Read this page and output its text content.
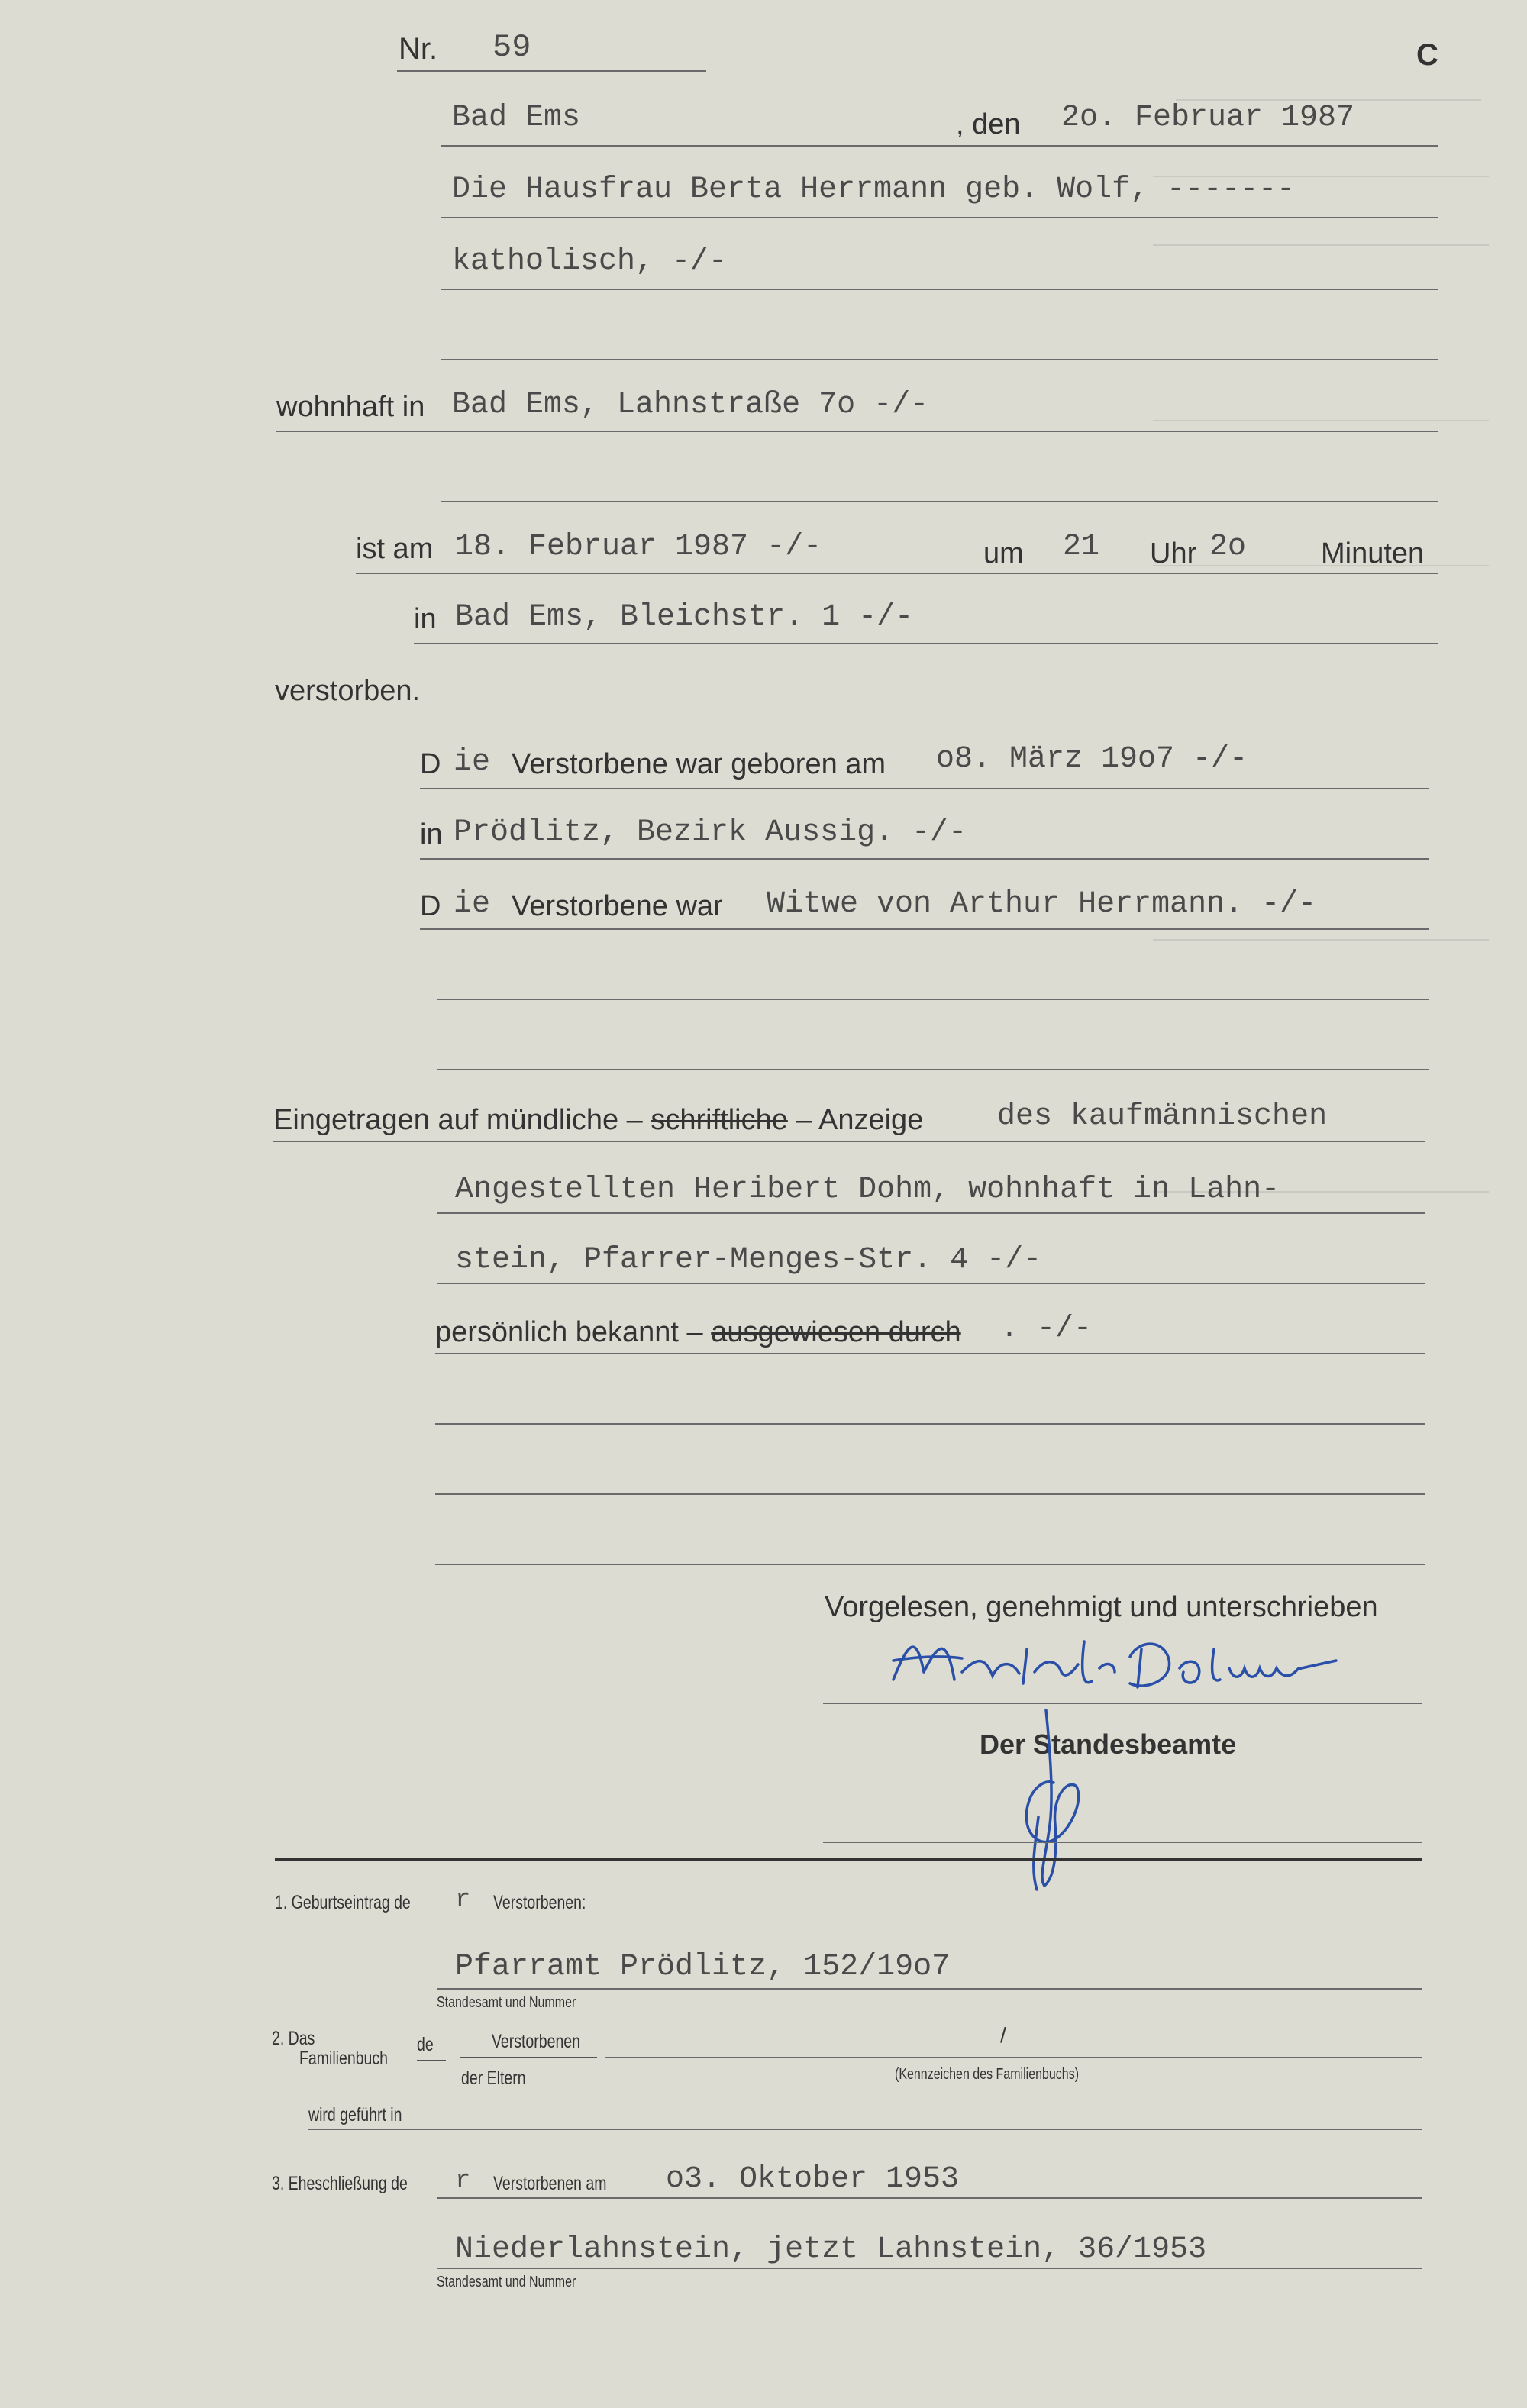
Nr. 59	C
Bad Ems	, den 2o. Februar 1987
Die Hausfrau Berta Herrmann geb. Wolf, -------
katholisch, -/-
wohnhaft in Bad Ems, Lahnstraße 7o -/-
ist am 18. Februar 1987 -/-	um 21 Uhr 2o	Minuten
in Bad Ems, Bleichstr. 1 -/-
verstorben.
D ie Verstorbene war geboren am o8. März 19o7 -/-
in Prödlitz, Bezirk Aussig. -/-
D ie Verstorbene war Witwe von Arthur Herrmann. -/-
Eingetragen auf mündliche – schriftliche – Anzeige des kaufmännischen
Angestellten Heribert Dohm, wohnhaft in Lahn-
stein, Pfarrer-Menges-Str. 4 -/-
persönlich bekannt – ausgewiesen durch . -/-
Vorgelesen, genehmigt und unterschrieben
Heribert Dohm
Der Standesbeamte
1. Geburtseintrag de r Verstorbenen:
Pfarramt Prödlitz, 152/19o7
Standesamt und Nummer
2. Das
Familienbuch
de	Verstorbenen
der Eltern
/
(Kennzeichen des Familienbuchs)
wird geführt in
3. Eheschließung de r Verstorbenen am o3. Oktober 1953
Niederlahnstein, jetzt Lahnstein, 36/1953
Standesamt und Nummer
